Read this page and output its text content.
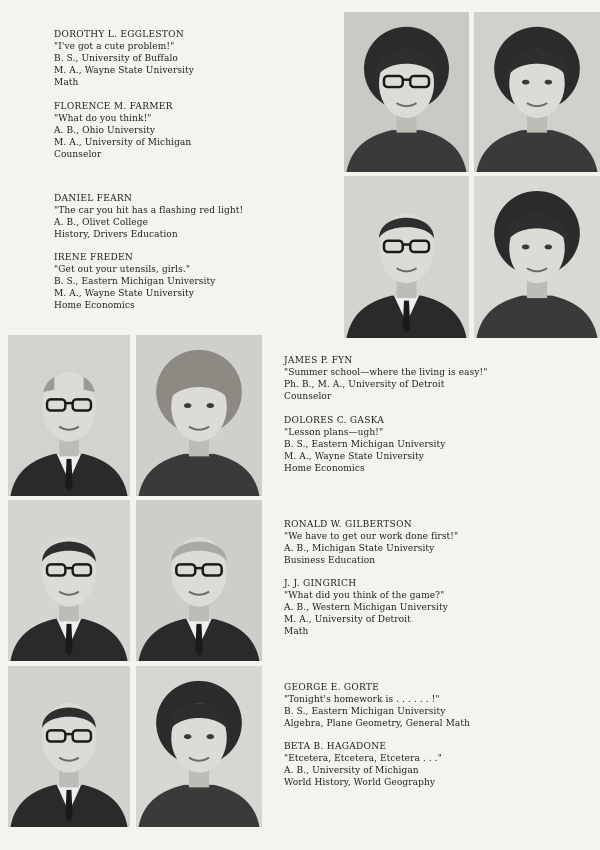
DOROTHY L. EGGLESTON
"I've got a cute problem!"
B. S., University of Buffalo
M. A., Wayne State University
Math
FLORENCE M. FARMER
"What do you think!"
A. B., Ohio University
M. A., University of Michigan
Counselor
DANIEL FEARN
"The car you hit has a flashing red light!
A. B., Olivet College
History, Drivers Education
IRENE FREDEN
"Get out your utensils, girls."
B. S., Eastern Michigan University
M. A., Wayne State University
Home Economics
JAMES P. FYN
"Summer school—where the living is easy!"
Ph. B., M. A., University of Detroit
Counselor
DOLORES C. GASKA
"Lesson plans—ugh!"
B. S., Eastern Michigan University
M. A., Wayne State University
Home Economics
RONALD W. GILBERTSON
"We have to get our work done first!"
A. B., Michigan State University
Business Education
J. J. GINGRICH
"What did you think of the game?"
A. B., Western Michigan University
M. A., University of Detroit
Math
GEORGE E. GORTE
"Tonight's homework is . . . . . . !"
B. S., Eastern Michigan University
Algebra, Plane Geometry, General Math
BETA B. HAGADONE
"Etcetera, Etcetera, Etcetera . . ."
A. B., University of Michigan
World History, World Geography
